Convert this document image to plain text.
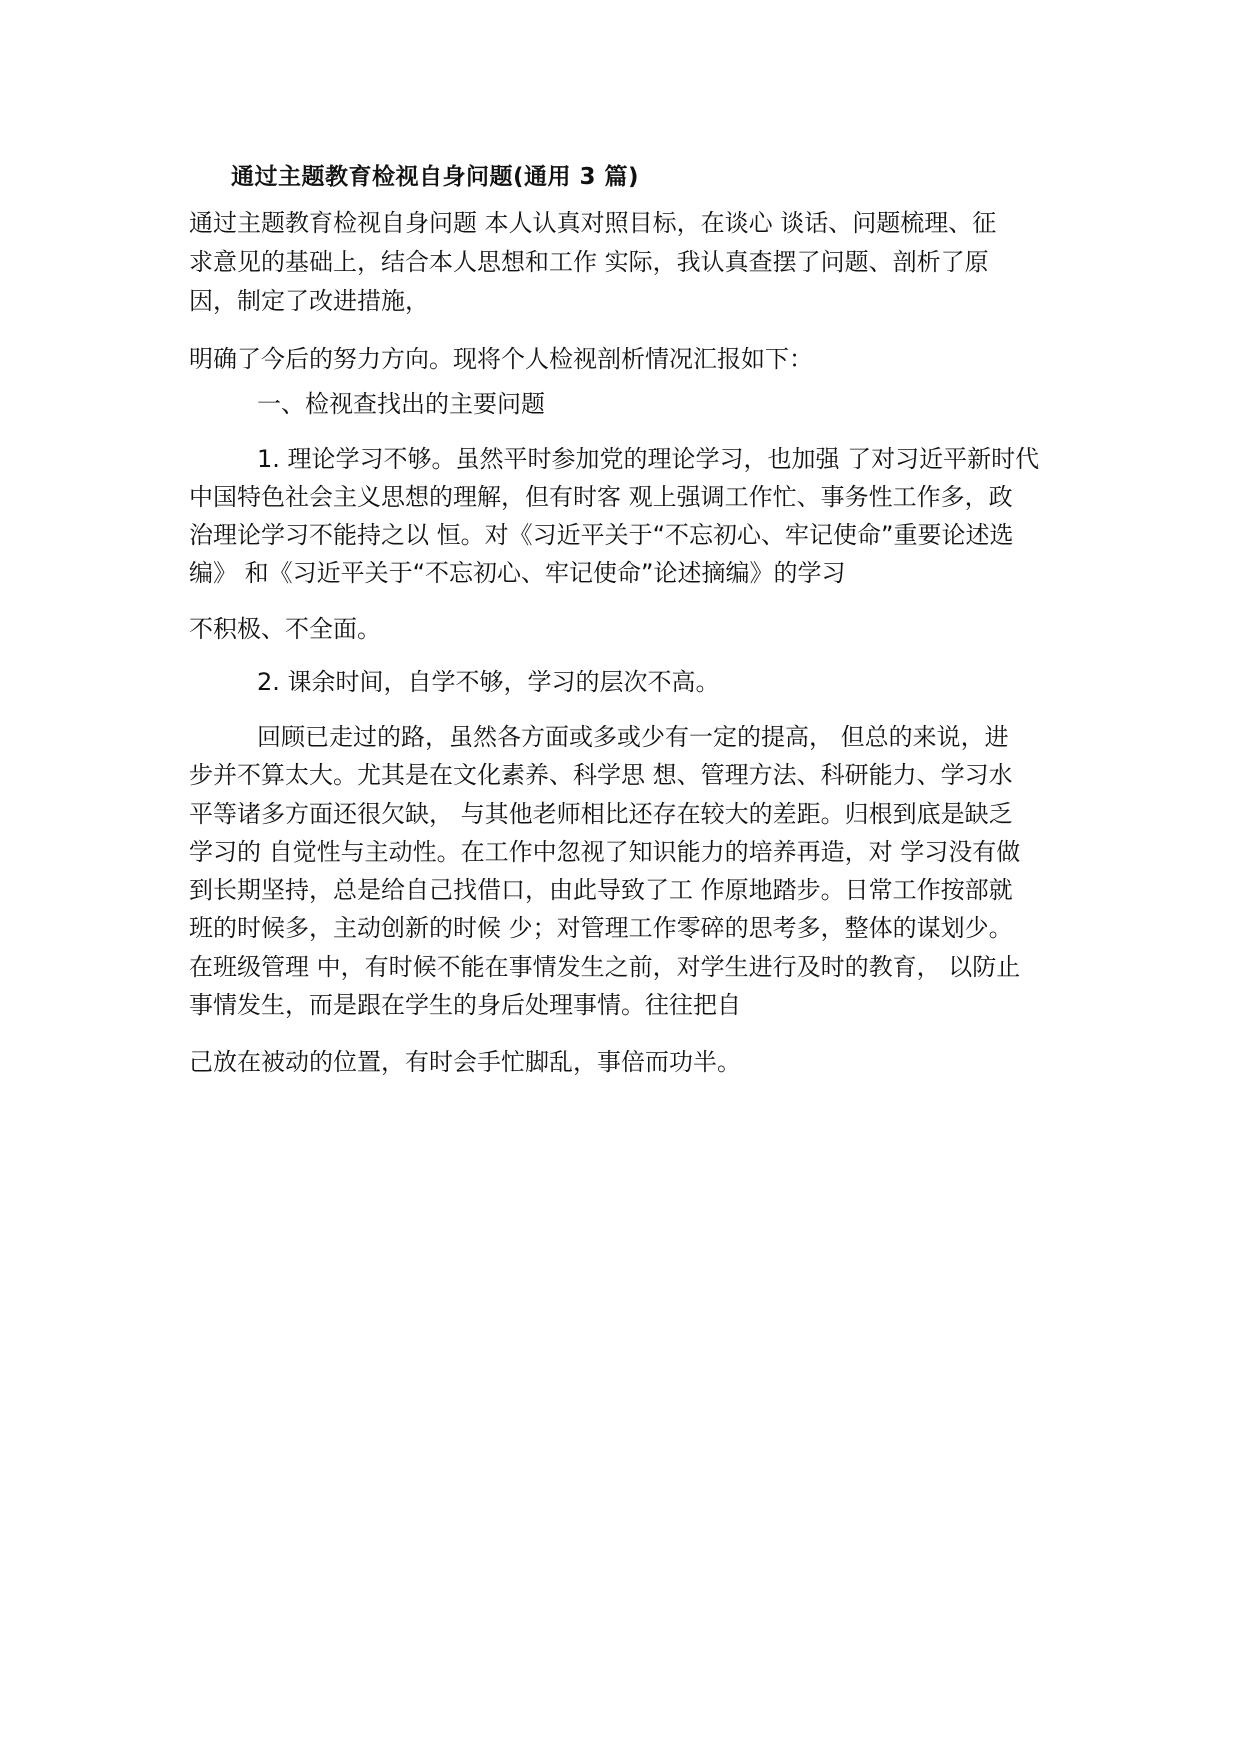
通过主题教育检视自身问题(通用 3 篇)
通过主题教育检视自身问题 本人认真对照目标，在谈心 谈话、问题梳理、征
求意见的基础上，结合本人思想和工作 实际，我认真查摆了问题、剖析了原
因，制定了改进措施，
明确了今后的努力方向。现将个人检视剖析情况汇报如下：
一、检视查找出的主要问题
1. 理论学习不够。虽然平时参加党的理论学习，也加强 了对习近平新时代
中国特色社会主义思想的理解，但有时客 观上强调工作忙、事务性工作多，政
治理论学习不能持之以 恒。对《习近平关于“不忘初心、牢记使命”重要论述选
编》 和《习近平关于“不忘初心、牢记使命”论述摘编》的学习
不积极、不全面。
2. 课余时间，自学不够，学习的层次不高。
回顾已走过的路，虽然各方面或多或少有一定的提高， 但总的来说，进
步并不算太大。尤其是在文化素养、科学思 想、管理方法、科研能力、学习水
平等诸多方面还很欠缺， 与其他老师相比还存在较大的差距。归根到底是缺乏
学习的 自觉性与主动性。在工作中忽视了知识能力的培养再造，对 学习没有做
到长期坚持，总是给自己找借口，由此导致了工 作原地踏步。日常工作按部就
班的时候多，主动创新的时候 少；对管理工作零碎的思考多，整体的谋划少。
在班级管理 中，有时候不能在事情发生之前，对学生进行及时的教育， 以防止
事情发生，而是跟在学生的身后处理事情。往往把自
己放在被动的位置，有时会手忙脚乱，事倍而功半。
